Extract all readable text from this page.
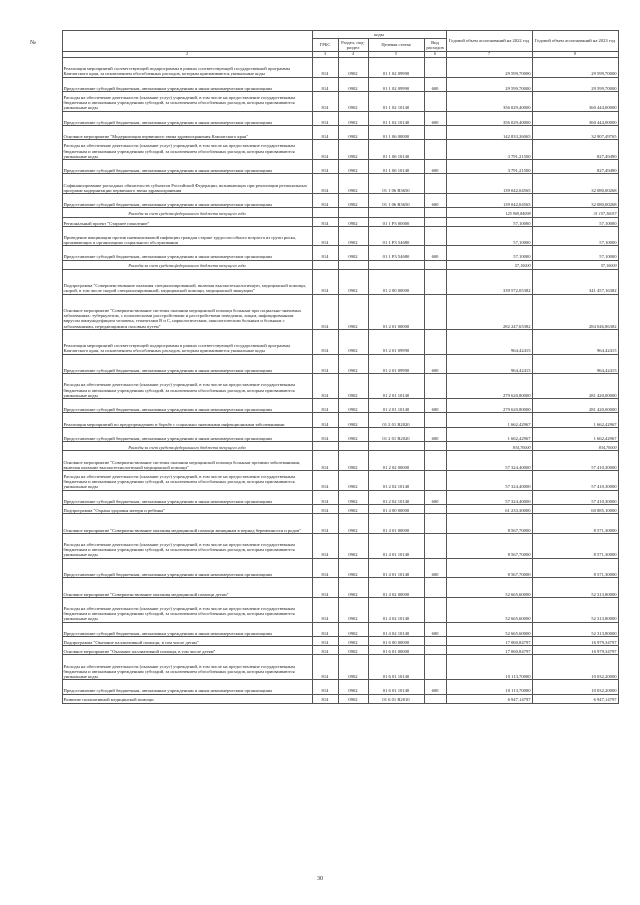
		коды				Годовой объем ассигнований на 2022 год	Годовой объем ассигнований на 2023 год
	ГРБС	Раздел, под-раздел	Целевая статья	Вид расходов		
	2	3	4	5	6	7	8
	Реализация мероприятий соответствующей подпрограммы в рамках соответствующей государственной программы Камчатского края, за исключением обособленных расходов, которым присваиваются уникальные коды	814	0902	01 1 02 09990		29 599,70000	29 599,70000
	Предоставление субсидий бюджетным, автономным учреждениям и иным некоммерческим организациям	814	0902	01 1 02 09990	600	29 599,70000	29 599,70000
	Расходы на обеспечение деятельности (оказание услуг) учреждений, в том числе на предоставление государственным бюджетным и автономным учреждениям субсидий, за исключением обособленных расходов, которым присваиваются уникальные коды	814	0902	01 1 02 10140		356 029,40000	360 444,00000
	Предоставление субсидий бюджетным, автономным учреждениям и иным некоммерческим организациям	814	0902	01 1 02 10140	600	356 029,40000	360 444,00000
	Основное мероприятие "Модернизация первичного звена здравоохранения Камчатского края"	814	0902	01 1 06 00000		142 833,26065	32 907,49765
	Расходы на обеспечение деятельности (оказание услуг) учреждений, в том числе на предоставление государственным бюджетным и автономным учреждениям субсидий, за исключением обособленных расходов, которым присваиваются уникальные коды	814	0902	01 1 06 10140		3 791,21500	827,49490
	Предоставление субсидий бюджетным, автономным учреждениям и иным некоммерческим организациям	814	0902	01 1 06 10140	600	3 791,21500	827,49490
	Софинансирование расходных обязательств субъектов Российской Федерации, возникающих при реализации региональных программ модернизации первичного звена здравоохранения	814	0902	01 1 06 R3650		139 042,04565	32 080,00268
	Предоставление субсидий бюджетным, автономным учреждениям и иным некоммерческим организациям	814	0902	01 1 06 R3650	600	139 042,04565	32 080,00268
	Расходы за счет средств федерального бюджета текущего года					125 969,84098	31 157,36057
	Региональный проект "Старшее поколение"	814	0902	01 1 P3 00000		57,10000	57,10000
	Проведение вакцинации против пневмококковой инфекции граждан старше трудоспособного возраста из групп риска, проживающих в организациях социального обслуживания	814	0902	01 1 P3 54680		57,10000	57,10000
	Предоставление субсидий бюджетным, автономным учреждениям и иным некоммерческим организациям	814	0902	01 1 P3 54680	600	57,10000	57,10000
	Расходы за счет средств федерального бюджета текущего года					57,10000	57,10000
	Подпрограмма "Совершенствование оказания специализированной, включая высокотехнологичную, медицинской помощи, скорой, в том числе скорой специализированной, медицинской помощи, медицинской эвакуации"	814	0902	01 2 00 00000		339 572,05382	341 457,16382
	Основное мероприятие "Совершенствование системы оказания медицинской помощи больным при социально-значимых заболеваниях: туберкулезом, с психическими расстройствами и расстройствами поведения, лицам, инфицированным вирусом иммунодефицита человека, гепатитами В и С, наркологическим, онкологическим больным и больным с заболеваниями, передающимися половым путем"	814	0902	01 2 01 00000		282 247,65382	284 046,86382
	Реализация мероприятий соответствующей подпрограммы в рамках соответствующей государственной программы Камчатского края, за исключением обособленных расходов, которым присваиваются уникальные коды	814	0902	01 2 01 09990		964,42415	964,42415
	Предоставление субсидий бюджетным, автономным учреждениям и иным некоммерческим организациям	814	0902	01 2 01 09990	600	964,42415	964,42415
	Расходы на обеспечение деятельности (оказание услуг) учреждений, в том числе на предоставление государственным бюджетным и автономным учреждениям субсидий, за исключением обособленных расходов, которым присваиваются уникальные коды	814	0902	01 2 01 10140		279 620,80000	281 420,00000
	Предоставление субсидий бюджетным, автономным учреждениям и иным некоммерческим организациям	814	0902	01 2 01 10140	600	279 620,80000	281 420,00000
	Реализация мероприятий по предупреждению и борьбе с социально значимыми инфекционными заболеваниями	814	0902	01 2 01 R2020		1 662,42967	1 662,42967
	Предоставление субсидий бюджетным, автономным учреждениям и иным некоммерческим организациям	814	0902	01 2 01 R2020	600	1 662,42967	1 662,42967
	Расходы за счет средств федерального бюджета текущего года					834,70000	834,70000
	Основное мероприятие "Совершенствование системы оказания медицинской помощи больным прочими заболеваниями, включая оказание высокотехнологичной медицинской помощи"	814	0902	01 2 02 00000		57 324,40000	57 410,30000
	Расходы на обеспечение деятельности (оказание услуг) учреждений, в том числе на предоставление государственным бюджетным и автономным учреждениям субсидий, за исключением обособленных расходов, которым присваиваются уникальные коды	814	0902	01 2 02 10140		57 324,40000	57 410,30000
	Предоставление субсидий бюджетным, автономным учреждениям и иным некоммерческим организациям	814	0902	01 2 02 10140	600	57 324,40000	57 410,30000
	Подпрограмма "Охрана здоровья матери и ребенка"	814	0902	01 4 00 00000		61 233,30000	60 885,10000
	Основное мероприятие "Совершенствование оказания медицинской помощи женщинам в период беременности и родов"	814	0902	01 4 01 00000		8 567,70000	8 571,30000
	Расходы на обеспечение деятельности (оказание услуг) учреждений, в том числе на предоставление государственным бюджетным и автономным учреждениям субсидий, за исключением обособленных расходов, которым присваиваются уникальные коды	814	0902	01 4 01 10140		8 567,70000	8 571,30000
	Предоставление субсидий бюджетным, автономным учреждениям и иным некоммерческим организациям	814	0902	01 4 01 10140	600	8 567,70000	8 571,30000
	Основное мероприятие "Совершенствование оказания медицинской помощи детям"	814	0902	01 4 02 00000		52 665,60000	52 313,80000
	Расходы на обеспечение деятельности (оказание услуг) учреждений, в том числе на предоставление государственным бюджетным и автономным учреждениям субсидий, за исключением обособленных расходов, которым присваиваются уникальные коды	814	0902	01 4 02 10140		52 665,60000	52 313,80000
	Предоставление субсидий бюджетным, автономным учреждениям и иным некоммерческим организациям	814	0902	01 4 02 10140	600	52 665,60000	52 313,80000
	Подпрограмма "Оказание паллиативной помощи, в том числе детям"	814	0902	01 6 00 00000		17 060,84797	16 979,34797
	Основное мероприятие "Оказание паллиативной помощи, в том числе детям"	814	0902	01 6 01 00000		17 060,84797	16 979,34797
	Расходы на обеспечение деятельности (оказание услуг) учреждений, в том числе на предоставление государственным бюджетным и автономным учреждениям субсидий, за исключением обособленных расходов, которым присваиваются уникальные коды	814	0902	01 6 01 10140		10 113,70000	10 032,20000
	Предоставление субсидий бюджетным, автономным учреждениям и иным некоммерческим организациям	814	0902	01 6 01 10140	600	10 113,70000	10 032,20000
	Развитие паллиативной медицинской помощи	814	0902	01 6 01 R2010		6 947,14797	6 947,14797
30
№
